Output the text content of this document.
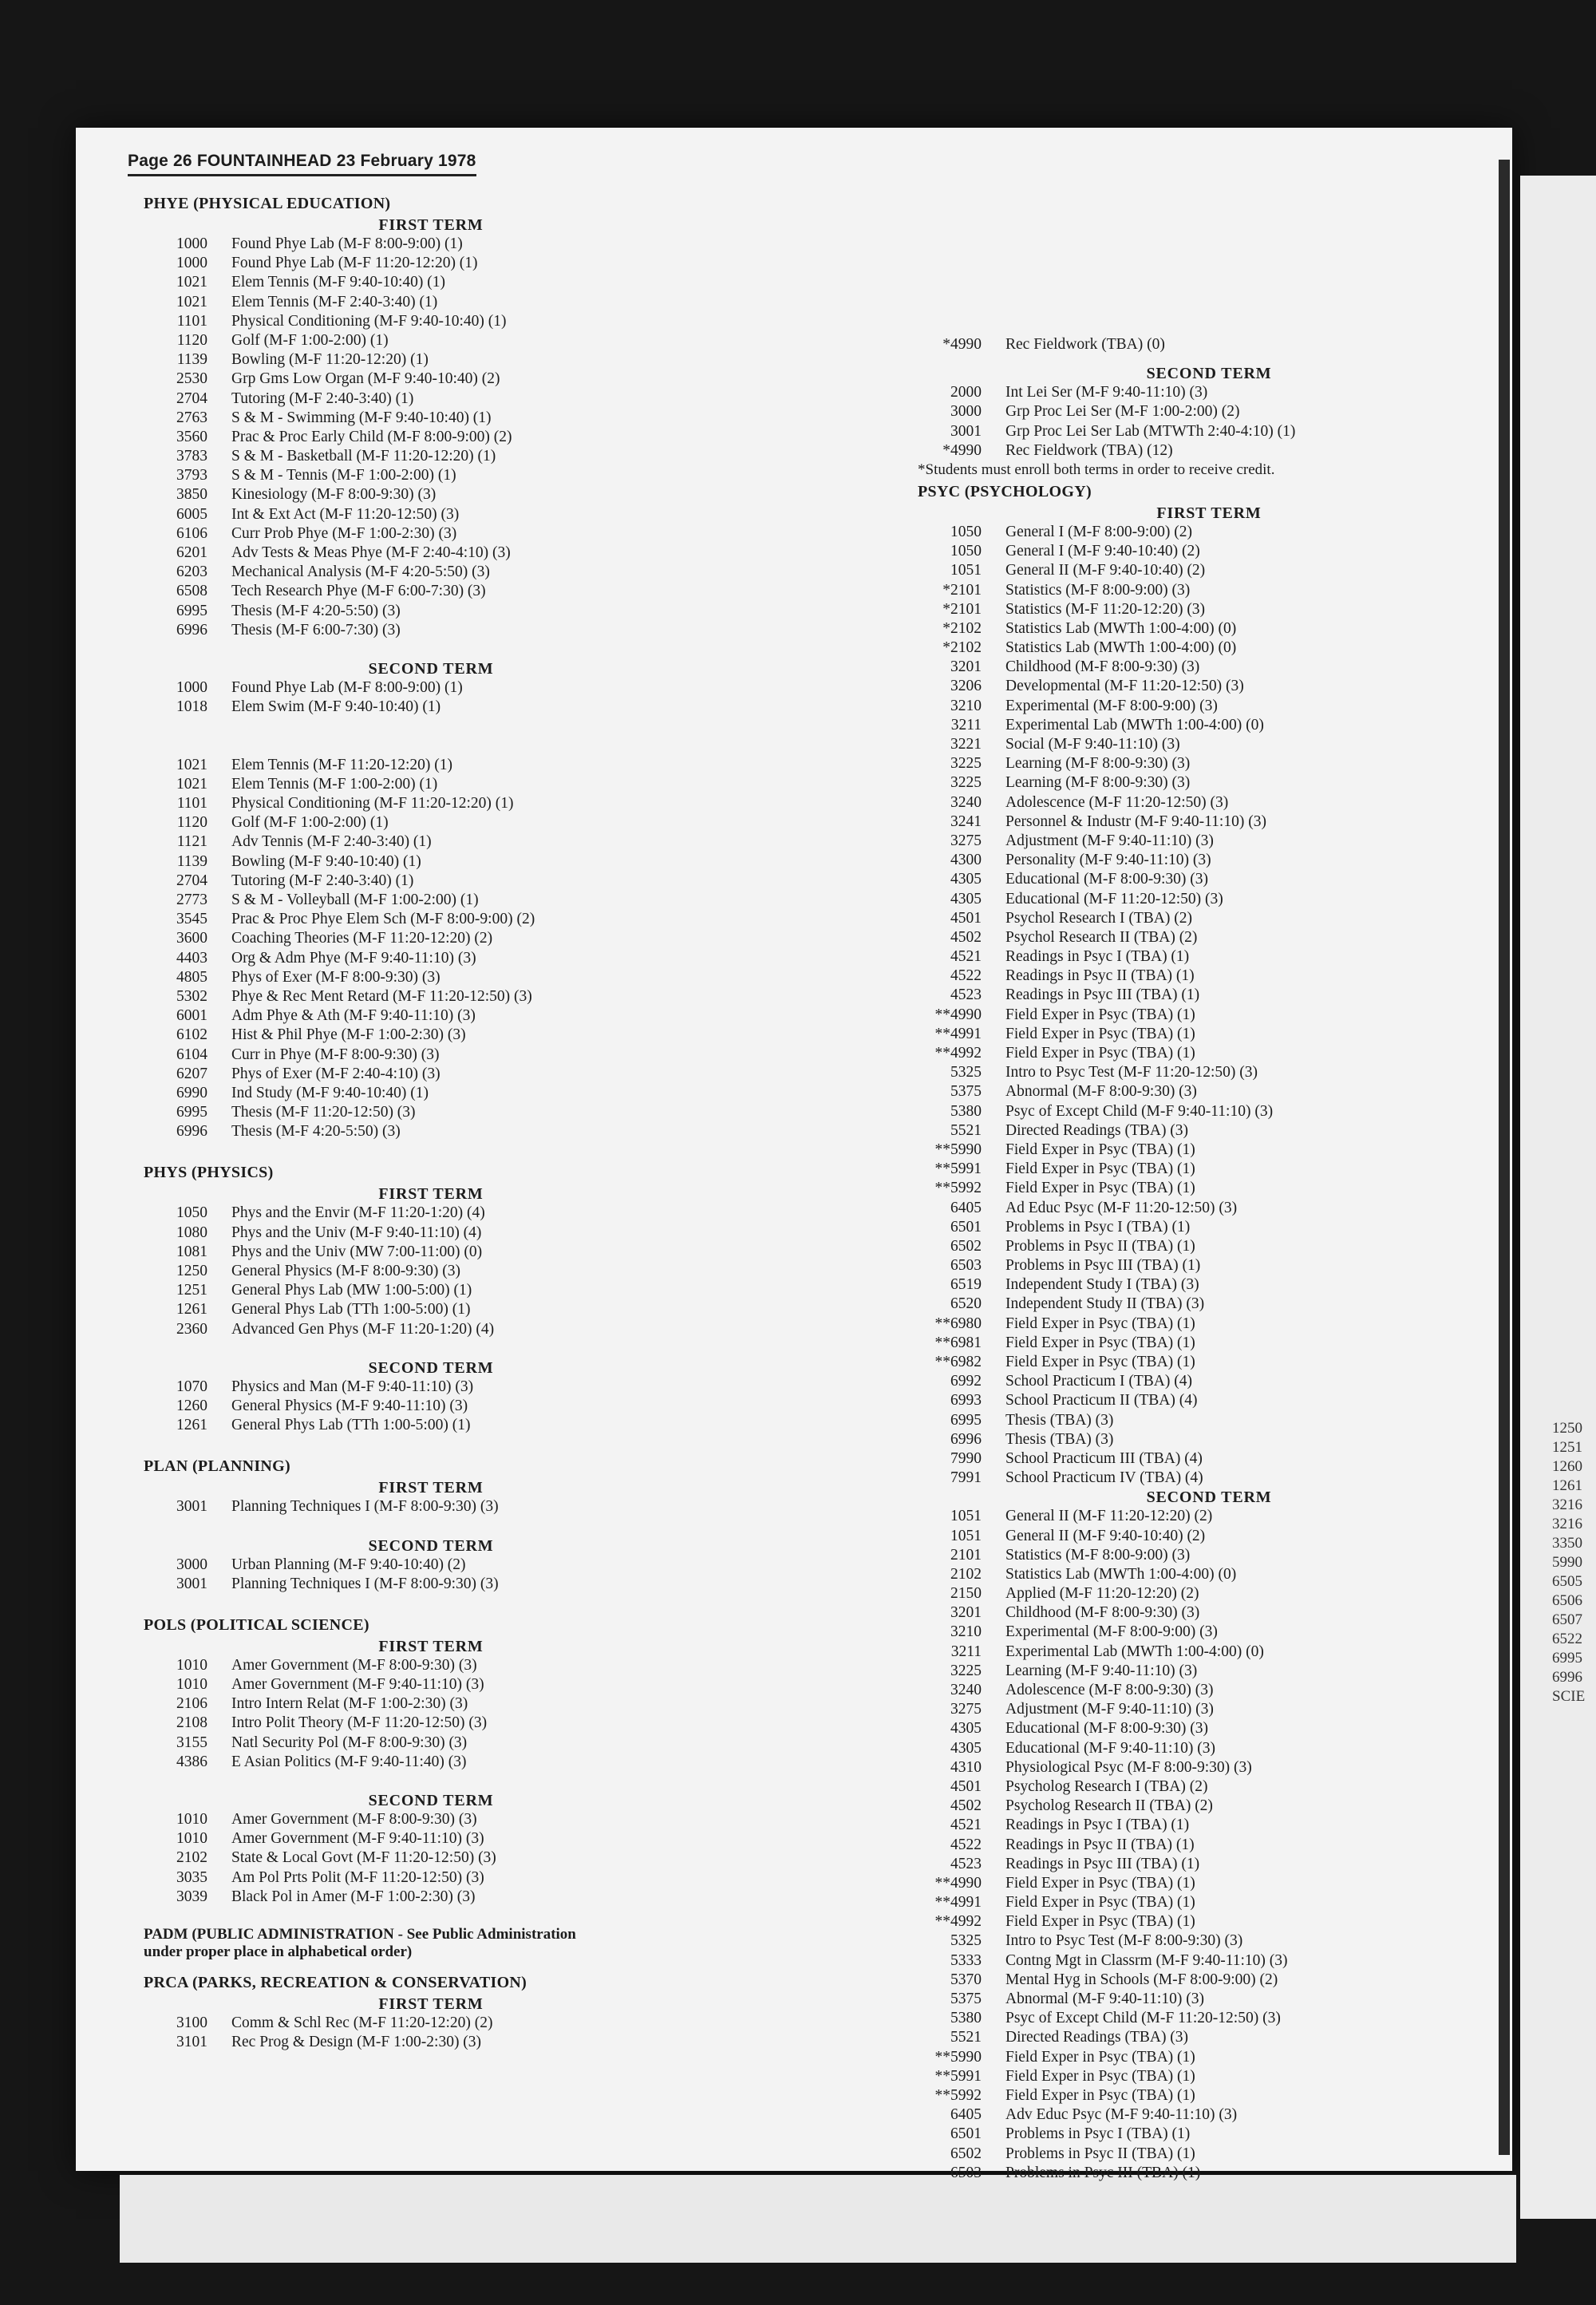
1250
1251
1260
1261
3216
3216
3350
5990
6505
6506
6507
6522
6995
6996
SCIE
Page 26 FOUNTAINHEAD 23 February 1978
PHYE (PHYSICAL EDUCATION)
FIRST TERM
1000 Found Phye Lab (M-F 8:00-9:00) (1)
1000 Found Phye Lab (M-F 11:20-12:20) (1)
1021 Elem Tennis (M-F 9:40-10:40) (1)
1021 Elem Tennis (M-F 2:40-3:40) (1)
1101 Physical Conditioning (M-F 9:40-10:40) (1)
1120 Golf (M-F 1:00-2:00) (1)
1139 Bowling (M-F 11:20-12:20) (1)
2530 Grp Gms Low Organ (M-F 9:40-10:40) (2)
2704 Tutoring (M-F 2:40-3:40) (1)
2763 S & M - Swimming (M-F 9:40-10:40) (1)
3560 Prac & Proc Early Child (M-F 8:00-9:00) (2)
3783 S & M - Basketball (M-F 11:20-12:20) (1)
3793 S & M - Tennis (M-F 1:00-2:00) (1)
3850 Kinesiology (M-F 8:00-9:30) (3)
6005 Int & Ext Act (M-F 11:20-12:50) (3)
6106 Curr Prob Phye (M-F 1:00-2:30) (3)
6201 Adv Tests & Meas Phye (M-F 2:40-4:10) (3)
6203 Mechanical Analysis (M-F 4:20-5:50) (3)
6508 Tech Research Phye (M-F 6:00-7:30) (3)
6995 Thesis (M-F 4:20-5:50) (3)
6996 Thesis (M-F 6:00-7:30) (3)
SECOND TERM
1000 Found Phye Lab (M-F 8:00-9:00) (1)
1018 Elem Swim (M-F 9:40-10:40) (1)
1021 Elem Tennis (M-F 11:20-12:20) (1)
1021 Elem Tennis (M-F 1:00-2:00) (1)
1101 Physical Conditioning (M-F 11:20-12:20) (1)
1120 Golf (M-F 1:00-2:00) (1)
1121 Adv Tennis (M-F 2:40-3:40) (1)
1139 Bowling (M-F 9:40-10:40) (1)
2704 Tutoring (M-F 2:40-3:40) (1)
2773 S & M - Volleyball (M-F 1:00-2:00) (1)
3545 Prac & Proc Phye Elem Sch (M-F 8:00-9:00) (2)
3600 Coaching Theories (M-F 11:20-12:20) (2)
4403 Org & Adm Phye (M-F 9:40-11:10) (3)
4805 Phys of Exer (M-F 8:00-9:30) (3)
5302 Phye & Rec Ment Retard (M-F 11:20-12:50) (3)
6001 Adm Phye & Ath (M-F 9:40-11:10) (3)
6102 Hist & Phil Phye (M-F 1:00-2:30) (3)
6104 Curr in Phye (M-F 8:00-9:30) (3)
6207 Phys of Exer (M-F 2:40-4:10) (3)
6990 Ind Study (M-F 9:40-10:40) (1)
6995 Thesis (M-F 11:20-12:50) (3)
6996 Thesis (M-F 4:20-5:50) (3)
PHYS (PHYSICS)
FIRST TERM
1050 Phys and the Envir (M-F 11:20-1:20) (4)
1080 Phys and the Univ (M-F 9:40-11:10) (4)
1081 Phys and the Univ (MW 7:00-11:00) (0)
1250 General Physics (M-F 8:00-9:30) (3)
1251 General Phys Lab (MW 1:00-5:00) (1)
1261 General Phys Lab (TTh 1:00-5:00) (1)
2360 Advanced Gen Phys (M-F 11:20-1:20) (4)
SECOND TERM
1070 Physics and Man (M-F 9:40-11:10) (3)
1260 General Physics (M-F 9:40-11:10) (3)
1261 General Phys Lab (TTh 1:00-5:00) (1)
PLAN (PLANNING)
FIRST TERM
3001 Planning Techniques I (M-F 8:00-9:30) (3)
SECOND TERM
3000 Urban Planning (M-F 9:40-10:40) (2)
3001 Planning Techniques I (M-F 8:00-9:30) (3)
POLS (POLITICAL SCIENCE)
FIRST TERM
1010 Amer Government (M-F 8:00-9:30) (3)
1010 Amer Government (M-F 9:40-11:10) (3)
2106 Intro Intern Relat (M-F 1:00-2:30) (3)
2108 Intro Polit Theory (M-F 11:20-12:50) (3)
3155 Natl Security Pol (M-F 8:00-9:30) (3)
4386 E Asian Politics (M-F 9:40-11:40) (3)
SECOND TERM
1010 Amer Government (M-F 8:00-9:30) (3)
1010 Amer Government (M-F 9:40-11:10) (3)
2102 State & Local Govt (M-F 11:20-12:50) (3)
3035 Am Pol Prts Polit (M-F 11:20-12:50) (3)
3039 Black Pol in Amer (M-F 1:00-2:30) (3)
PADM (PUBLIC ADMINISTRATION - See Public Administration
under proper place in alphabetical order)
PRCA (PARKS, RECREATION & CONSERVATION)
FIRST TERM
3100 Comm & Schl Rec (M-F 11:20-12:20) (2)
3101 Rec Prog & Design (M-F 1:00-2:30) (3)
*4990 Rec Fieldwork (TBA) (0)
SECOND TERM
2000 Int Lei Ser (M-F 9:40-11:10) (3)
3000 Grp Proc Lei Ser (M-F 1:00-2:00) (2)
3001 Grp Proc Lei Ser Lab (MTWTh 2:40-4:10) (1)
*4990 Rec Fieldwork (TBA) (12)
*Students must enroll both terms in order to receive credit.
PSYC (PSYCHOLOGY)
FIRST TERM
1050 General I (M-F 8:00-9:00) (2)
1050 General I (M-F 9:40-10:40) (2)
1051 General II (M-F 9:40-10:40) (2)
*2101 Statistics (M-F 8:00-9:00) (3)
*2101 Statistics (M-F 11:20-12:20) (3)
*2102 Statistics Lab (MWTh 1:00-4:00) (0)
*2102 Statistics Lab (MWTh 1:00-4:00) (0)
3201 Childhood (M-F 8:00-9:30) (3)
3206 Developmental (M-F 11:20-12:50) (3)
3210 Experimental (M-F 8:00-9:00) (3)
3211 Experimental Lab (MWTh 1:00-4:00) (0)
3221 Social (M-F 9:40-11:10) (3)
3225 Learning (M-F 8:00-9:30) (3)
3225 Learning (M-F 8:00-9:30) (3)
3240 Adolescence (M-F 11:20-12:50) (3)
3241 Personnel & Industr (M-F 9:40-11:10) (3)
3275 Adjustment (M-F 9:40-11:10) (3)
4300 Personality (M-F 9:40-11:10) (3)
4305 Educational (M-F 8:00-9:30) (3)
4305 Educational (M-F 11:20-12:50) (3)
4501 Psychol Research I (TBA) (2)
4502 Psychol Research II (TBA) (2)
4521 Readings in Psyc I (TBA) (1)
4522 Readings in Psyc II (TBA) (1)
4523 Readings in Psyc III (TBA) (1)
**4990 Field Exper in Psyc (TBA) (1)
**4991 Field Exper in Psyc (TBA) (1)
**4992 Field Exper in Psyc (TBA) (1)
5325 Intro to Psyc Test (M-F 11:20-12:50) (3)
5375 Abnormal (M-F 8:00-9:30) (3)
5380 Psyc of Except Child (M-F 9:40-11:10) (3)
5521 Directed Readings (TBA) (3)
**5990 Field Exper in Psyc (TBA) (1)
**5991 Field Exper in Psyc (TBA) (1)
**5992 Field Exper in Psyc (TBA) (1)
6405 Ad Educ Psyc (M-F 11:20-12:50) (3)
6501 Problems in Psyc I (TBA) (1)
6502 Problems in Psyc II (TBA) (1)
6503 Problems in Psyc III (TBA) (1)
6519 Independent Study I (TBA) (3)
6520 Independent Study II (TBA) (3)
**6980 Field Exper in Psyc (TBA) (1)
**6981 Field Exper in Psyc (TBA) (1)
**6982 Field Exper in Psyc (TBA) (1)
6992 School Practicum I (TBA) (4)
6993 School Practicum II (TBA) (4)
6995 Thesis (TBA) (3)
6996 Thesis (TBA) (3)
7990 School Practicum III (TBA) (4)
7991 School Practicum IV (TBA) (4)
SECOND TERM
1051 General II (M-F 11:20-12:20) (2)
1051 General II (M-F 9:40-10:40) (2)
2101 Statistics (M-F 8:00-9:00) (3)
2102 Statistics Lab (MWTh 1:00-4:00) (0)
2150 Applied (M-F 11:20-12:20) (2)
3201 Childhood (M-F 8:00-9:30) (3)
3210 Experimental (M-F 8:00-9:00) (3)
3211 Experimental Lab (MWTh 1:00-4:00) (0)
3225 Learning (M-F 9:40-11:10) (3)
3240 Adolescence (M-F 8:00-9:30) (3)
3275 Adjustment (M-F 9:40-11:10) (3)
4305 Educational (M-F 8:00-9:30) (3)
4305 Educational (M-F 9:40-11:10) (3)
4310 Physiological Psyc (M-F 8:00-9:30) (3)
4501 Psycholog Research I (TBA) (2)
4502 Psycholog Research II (TBA) (2)
4521 Readings in Psyc I (TBA) (1)
4522 Readings in Psyc II (TBA) (1)
4523 Readings in Psyc III (TBA) (1)
**4990 Field Exper in Psyc (TBA) (1)
**4991 Field Exper in Psyc (TBA) (1)
**4992 Field Exper in Psyc (TBA) (1)
5325 Intro to Psyc Test (M-F 8:00-9:30) (3)
5333 Contng Mgt in Classrm (M-F 9:40-11:10) (3)
5370 Mental Hyg in Schools (M-F 8:00-9:00) (2)
5375 Abnormal (M-F 9:40-11:10) (3)
5380 Psyc of Except Child (M-F 11:20-12:50) (3)
5521 Directed Readings (TBA) (3)
**5990 Field Exper in Psyc (TBA) (1)
**5991 Field Exper in Psyc (TBA) (1)
**5992 Field Exper in Psyc (TBA) (1)
6405 Adv Educ Psyc (M-F 9:40-11:10) (3)
6501 Problems in Psyc I (TBA) (1)
6502 Problems in Psyc II (TBA) (1)
6503 Problems in Psyc III (TBA) (1)
